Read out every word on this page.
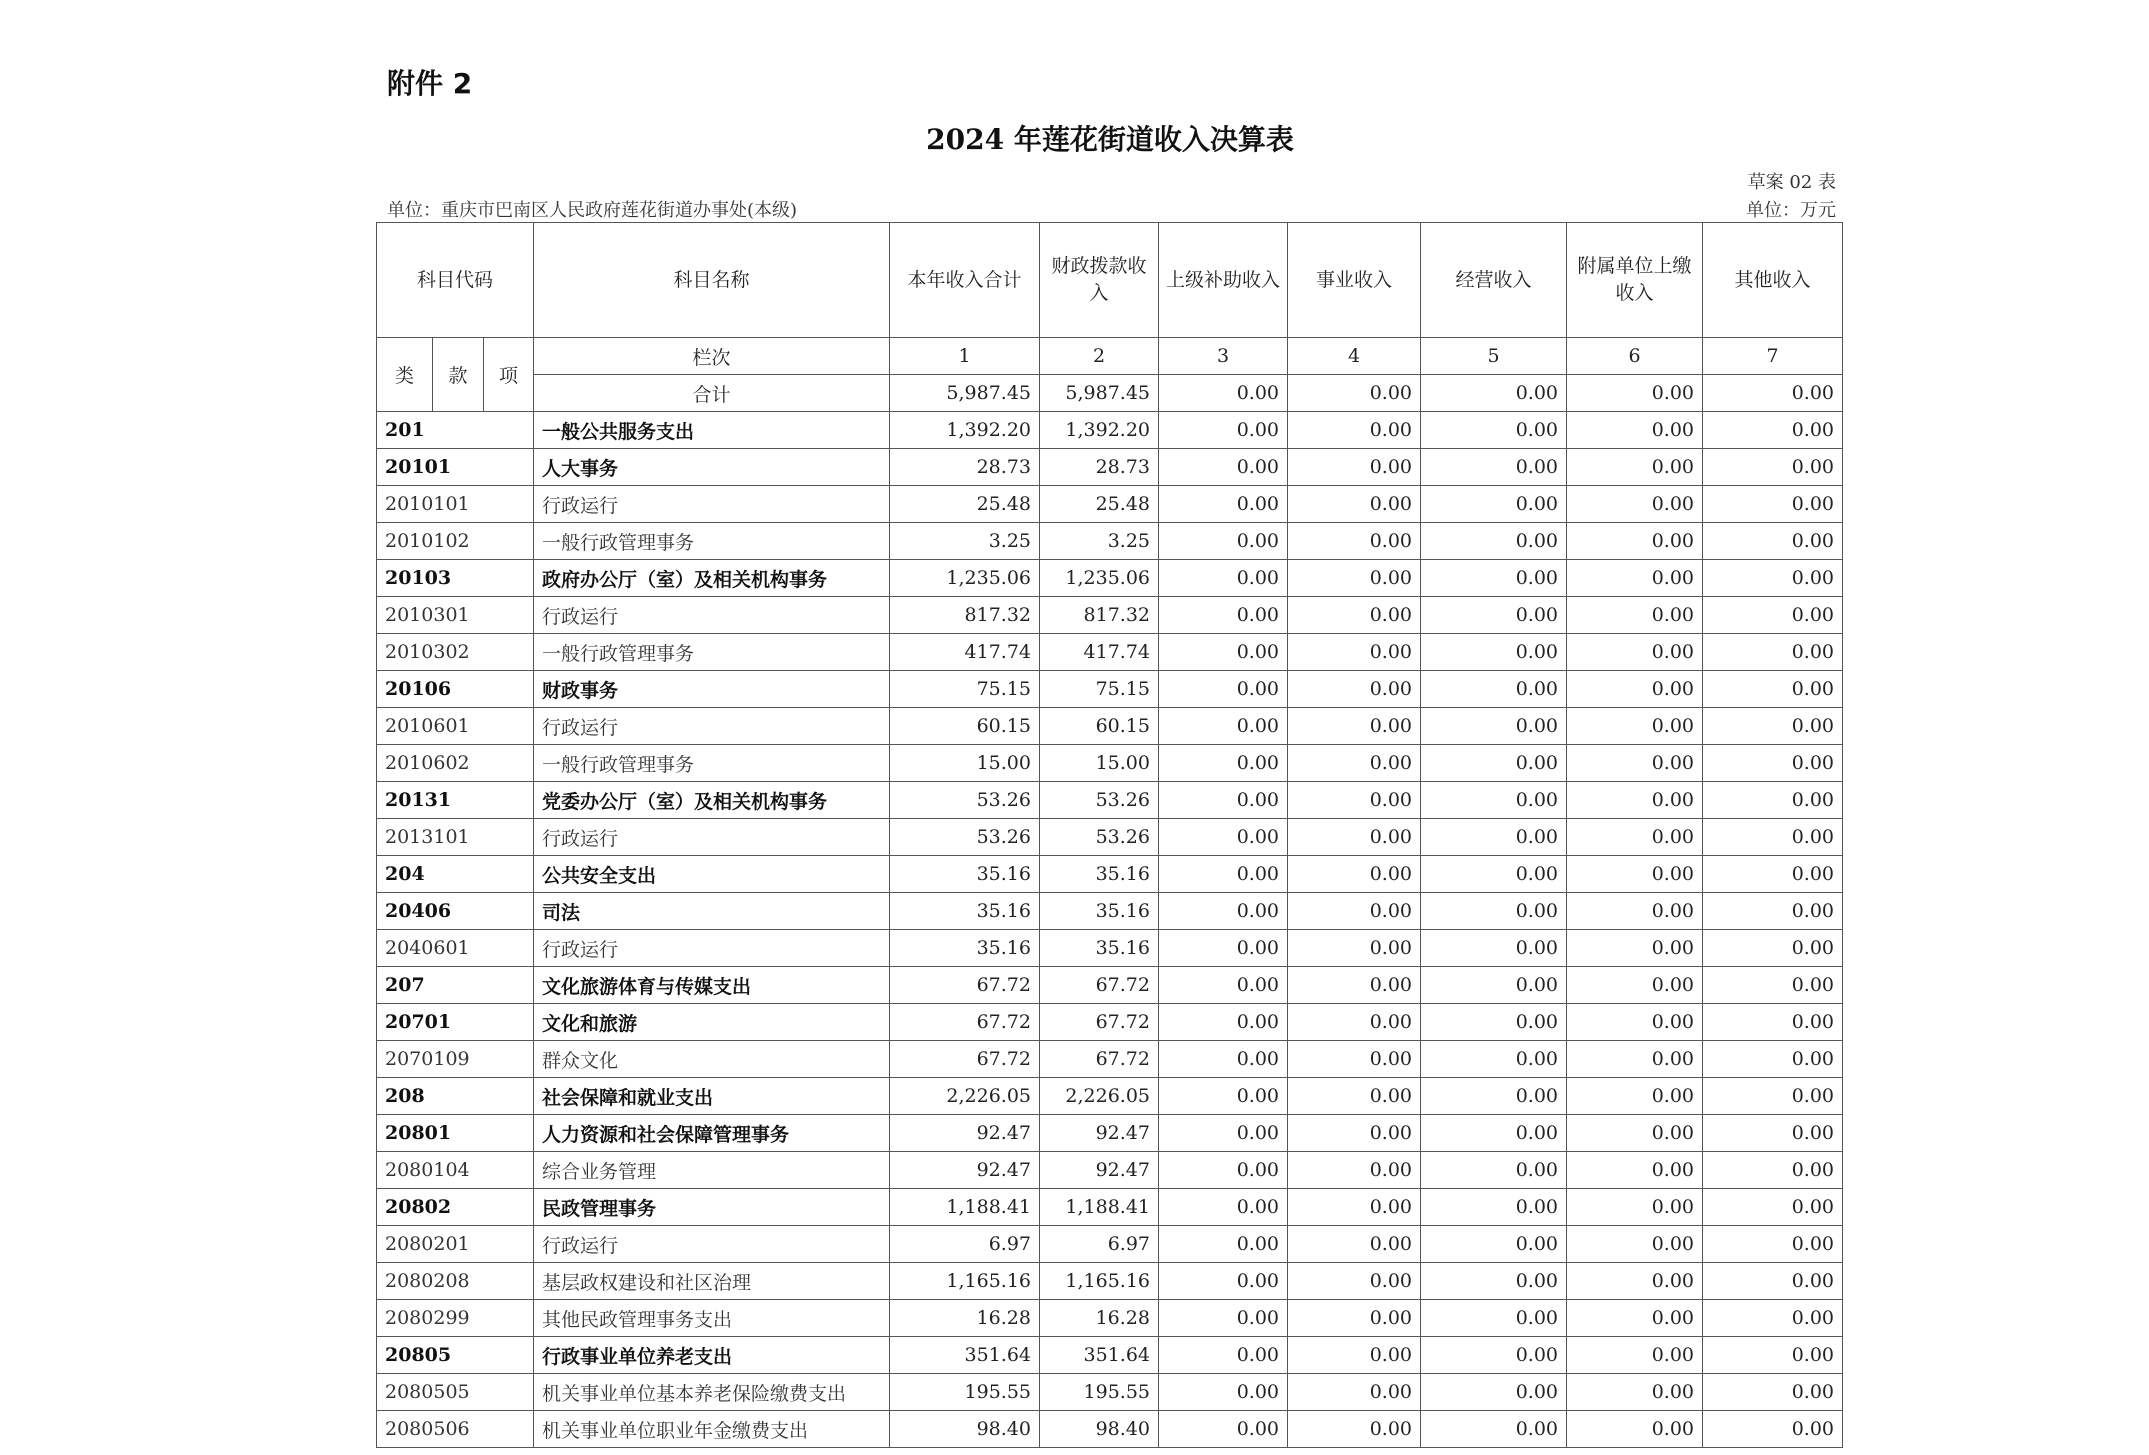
附件 2
2024 年莲花街道收入决算表
草案 02 表
单位：重庆市巴南区人民政府莲花街道办事处(本级)	单位：万元
科目代码			科目名称	本年收入合计	财政拨款收入	上级补助收入	事业收入	经营收入	附属单位上缴收入	其他收入
类	款	项	栏次	1	2	3	4	5	6	7
			合计	5,987.45	5,987.45	0.00	0.00	0.00	0.00	0.00
201			一般公共服务支出	1,392.20	1,392.20	0.00	0.00	0.00	0.00	0.00
20101			人大事务	28.73	28.73	0.00	0.00	0.00	0.00	0.00
2010101			行政运行	25.48	25.48	0.00	0.00	0.00	0.00	0.00
2010102			一般行政管理事务	3.25	3.25	0.00	0.00	0.00	0.00	0.00
20103			政府办公厅（室）及相关机构事务	1,235.06	1,235.06	0.00	0.00	0.00	0.00	0.00
2010301			行政运行	817.32	817.32	0.00	0.00	0.00	0.00	0.00
2010302			一般行政管理事务	417.74	417.74	0.00	0.00	0.00	0.00	0.00
20106			财政事务	75.15	75.15	0.00	0.00	0.00	0.00	0.00
2010601			行政运行	60.15	60.15	0.00	0.00	0.00	0.00	0.00
2010602			一般行政管理事务	15.00	15.00	0.00	0.00	0.00	0.00	0.00
20131			党委办公厅（室）及相关机构事务	53.26	53.26	0.00	0.00	0.00	0.00	0.00
2013101			行政运行	53.26	53.26	0.00	0.00	0.00	0.00	0.00
204			公共安全支出	35.16	35.16	0.00	0.00	0.00	0.00	0.00
20406			司法	35.16	35.16	0.00	0.00	0.00	0.00	0.00
2040601			行政运行	35.16	35.16	0.00	0.00	0.00	0.00	0.00
207			文化旅游体育与传媒支出	67.72	67.72	0.00	0.00	0.00	0.00	0.00
20701			文化和旅游	67.72	67.72	0.00	0.00	0.00	0.00	0.00
2070109			群众文化	67.72	67.72	0.00	0.00	0.00	0.00	0.00
208			社会保障和就业支出	2,226.05	2,226.05	0.00	0.00	0.00	0.00	0.00
20801			人力资源和社会保障管理事务	92.47	92.47	0.00	0.00	0.00	0.00	0.00
2080104			综合业务管理	92.47	92.47	0.00	0.00	0.00	0.00	0.00
20802			民政管理事务	1,188.41	1,188.41	0.00	0.00	0.00	0.00	0.00
2080201			行政运行	6.97	6.97	0.00	0.00	0.00	0.00	0.00
2080208			基层政权建设和社区治理	1,165.16	1,165.16	0.00	0.00	0.00	0.00	0.00
2080299			其他民政管理事务支出	16.28	16.28	0.00	0.00	0.00	0.00	0.00
20805			行政事业单位养老支出	351.64	351.64	0.00	0.00	0.00	0.00	0.00
2080505			机关事业单位基本养老保险缴费支出	195.55	195.55	0.00	0.00	0.00	0.00	0.00
2080506			机关事业单位职业年金缴费支出	98.40	98.40	0.00	0.00	0.00	0.00	0.00
